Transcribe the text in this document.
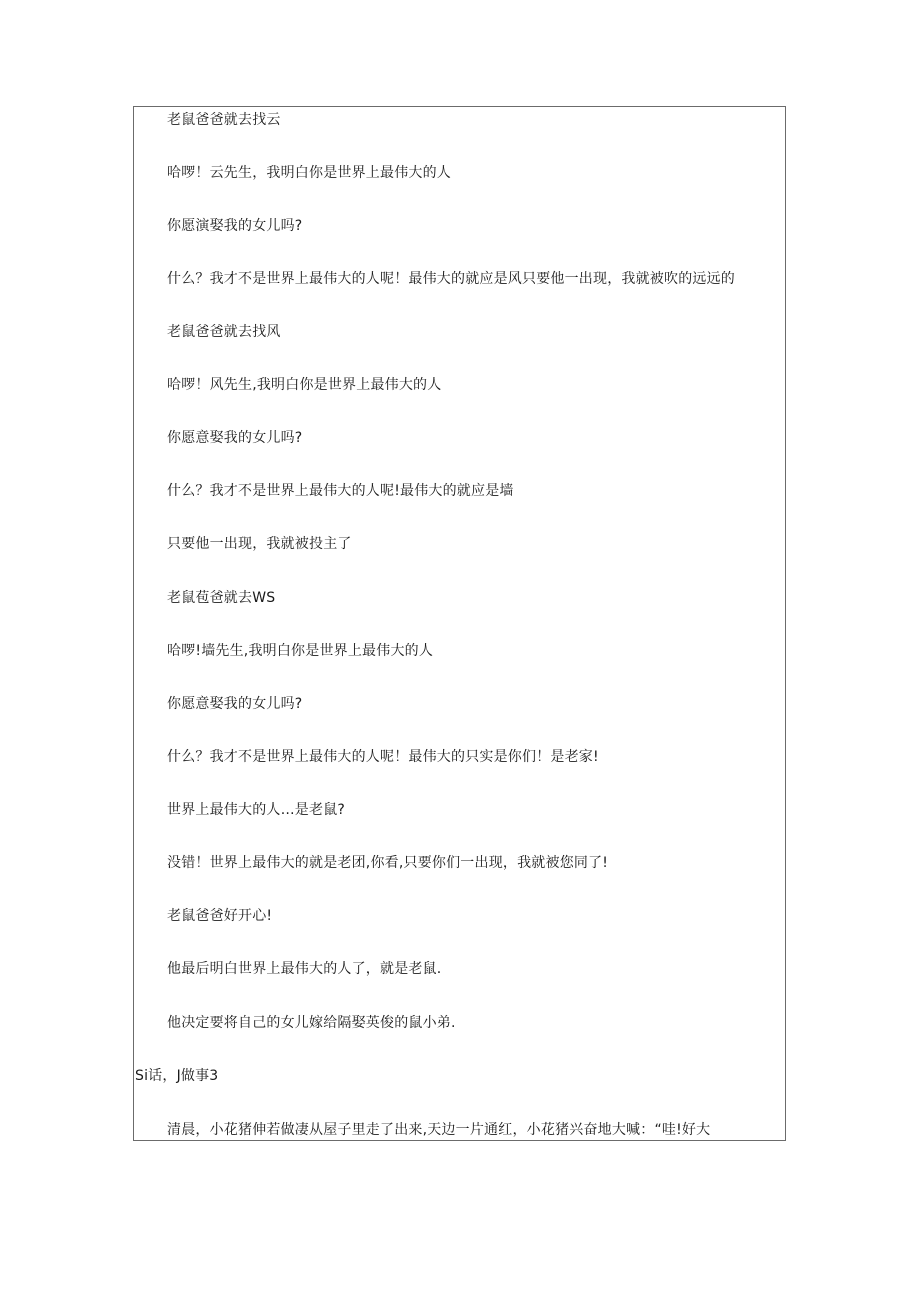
老鼠爸爸就去找云
哈啰！云先生，我明白你是世界上最伟大的人
你愿演娶我的女儿吗?
什么？我才不是世界上最伟大的人呢！最伟大的就应是风只要他一出现，我就被吹的远远的
老鼠爸爸就去找风
哈啰！风先生,我明白你是世界上最伟大的人
你愿意娶我的女儿吗?
什么？我才不是世界上最伟大的人呢!最伟大的就应是墙
只要他一出现，我就被投主了
老鼠苞爸就去WS
哈啰!墙先生,我明白你是世界上最伟大的人
你愿意娶我的女儿吗?
什么？我才不是世界上最伟大的人呢！最伟大的只实是你们！是老家!
世界上最伟大的人…是老鼠?
没错！世界上最伟大的就是老团,你看,只要你们一出现，我就被您同了!
老鼠爸爸好开心!
他最后明白世界上最伟大的人了，就是老鼠.
他决定要将自己的女儿嫁给隔娶英俊的鼠小弟.
Si话，J做事3
清晨，小花猪伸若做凄从屋子里走了出来,天边一片通红，小花猪兴奋地大喊：“哇!好大
